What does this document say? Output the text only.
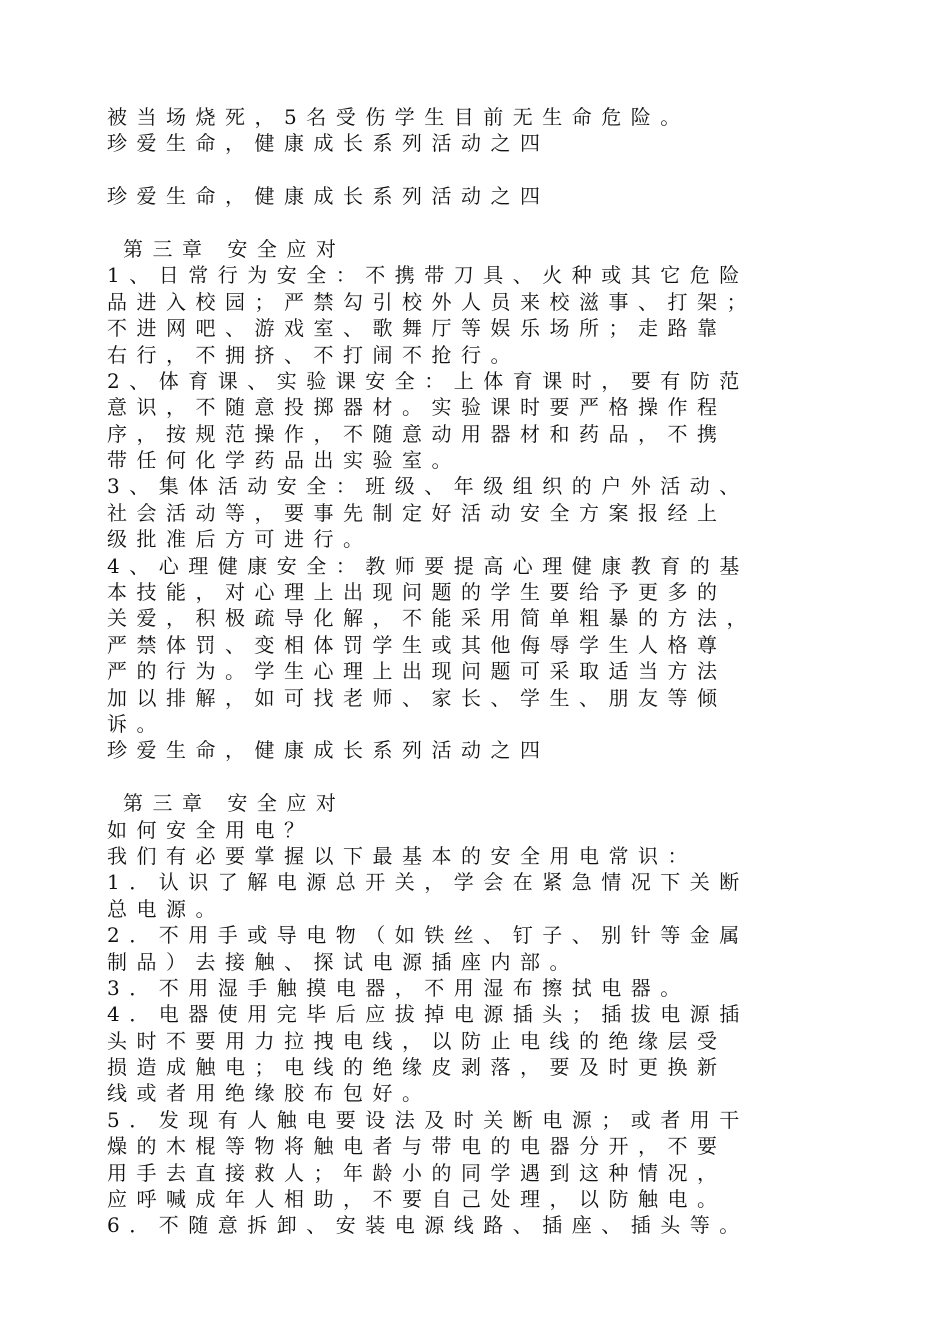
被当场烧死，5名受伤学生目前无生命危险。
珍爱生命，健康成长系列活动之四
珍爱生命，健康成长系列活动之四
第三章 安全应对
1、日常行为安全：不携带刀具、火种或其它危险
品进入校园；严禁勾引校外人员来校滋事、打架；
不进网吧、游戏室、歌舞厅等娱乐场所；走路靠
右行，不拥挤、不打闹不抢行。
2、体育课、实验课安全：上体育课时，要有防范
意识，不随意投掷器材。实验课时要严格操作程
序，按规范操作，不随意动用器材和药品，不携
带任何化学药品出实验室。
3、集体活动安全：班级、年级组织的户外活动、
社会活动等，要事先制定好活动安全方案报经上
级批准后方可进行。
4、心理健康安全：教师要提高心理健康教育的基
本技能，对心理上出现问题的学生要给予更多的
关爱，积极疏导化解，不能采用简单粗暴的方法，
严禁体罚、变相体罚学生或其他侮辱学生人格尊
严的行为。学生心理上出现问题可采取适当方法
加以排解，如可找老师、家长、学生、朋友等倾
诉。
珍爱生命，健康成长系列活动之四
第三章 安全应对
如何安全用电？
我们有必要掌握以下最基本的安全用电常识：
1．认识了解电源总开关，学会在紧急情况下关断
总电源。
2．不用手或导电物（如铁丝、钉子、别针等金属
制品）去接触、探试电源插座内部。
3．不用湿手触摸电器，不用湿布擦拭电器。
4．电器使用完毕后应拔掉电源插头；插拔电源插
头时不要用力拉拽电线，以防止电线的绝缘层受
损造成触电；电线的绝缘皮剥落，要及时更换新
线或者用绝缘胶布包好。
5．发现有人触电要设法及时关断电源；或者用干
燥的木棍等物将触电者与带电的电器分开，不要
用手去直接救人；年龄小的同学遇到这种情况，
应呼喊成年人相助，不要自己处理，以防触电。
6．不随意拆卸、安装电源线路、插座、插头等。
